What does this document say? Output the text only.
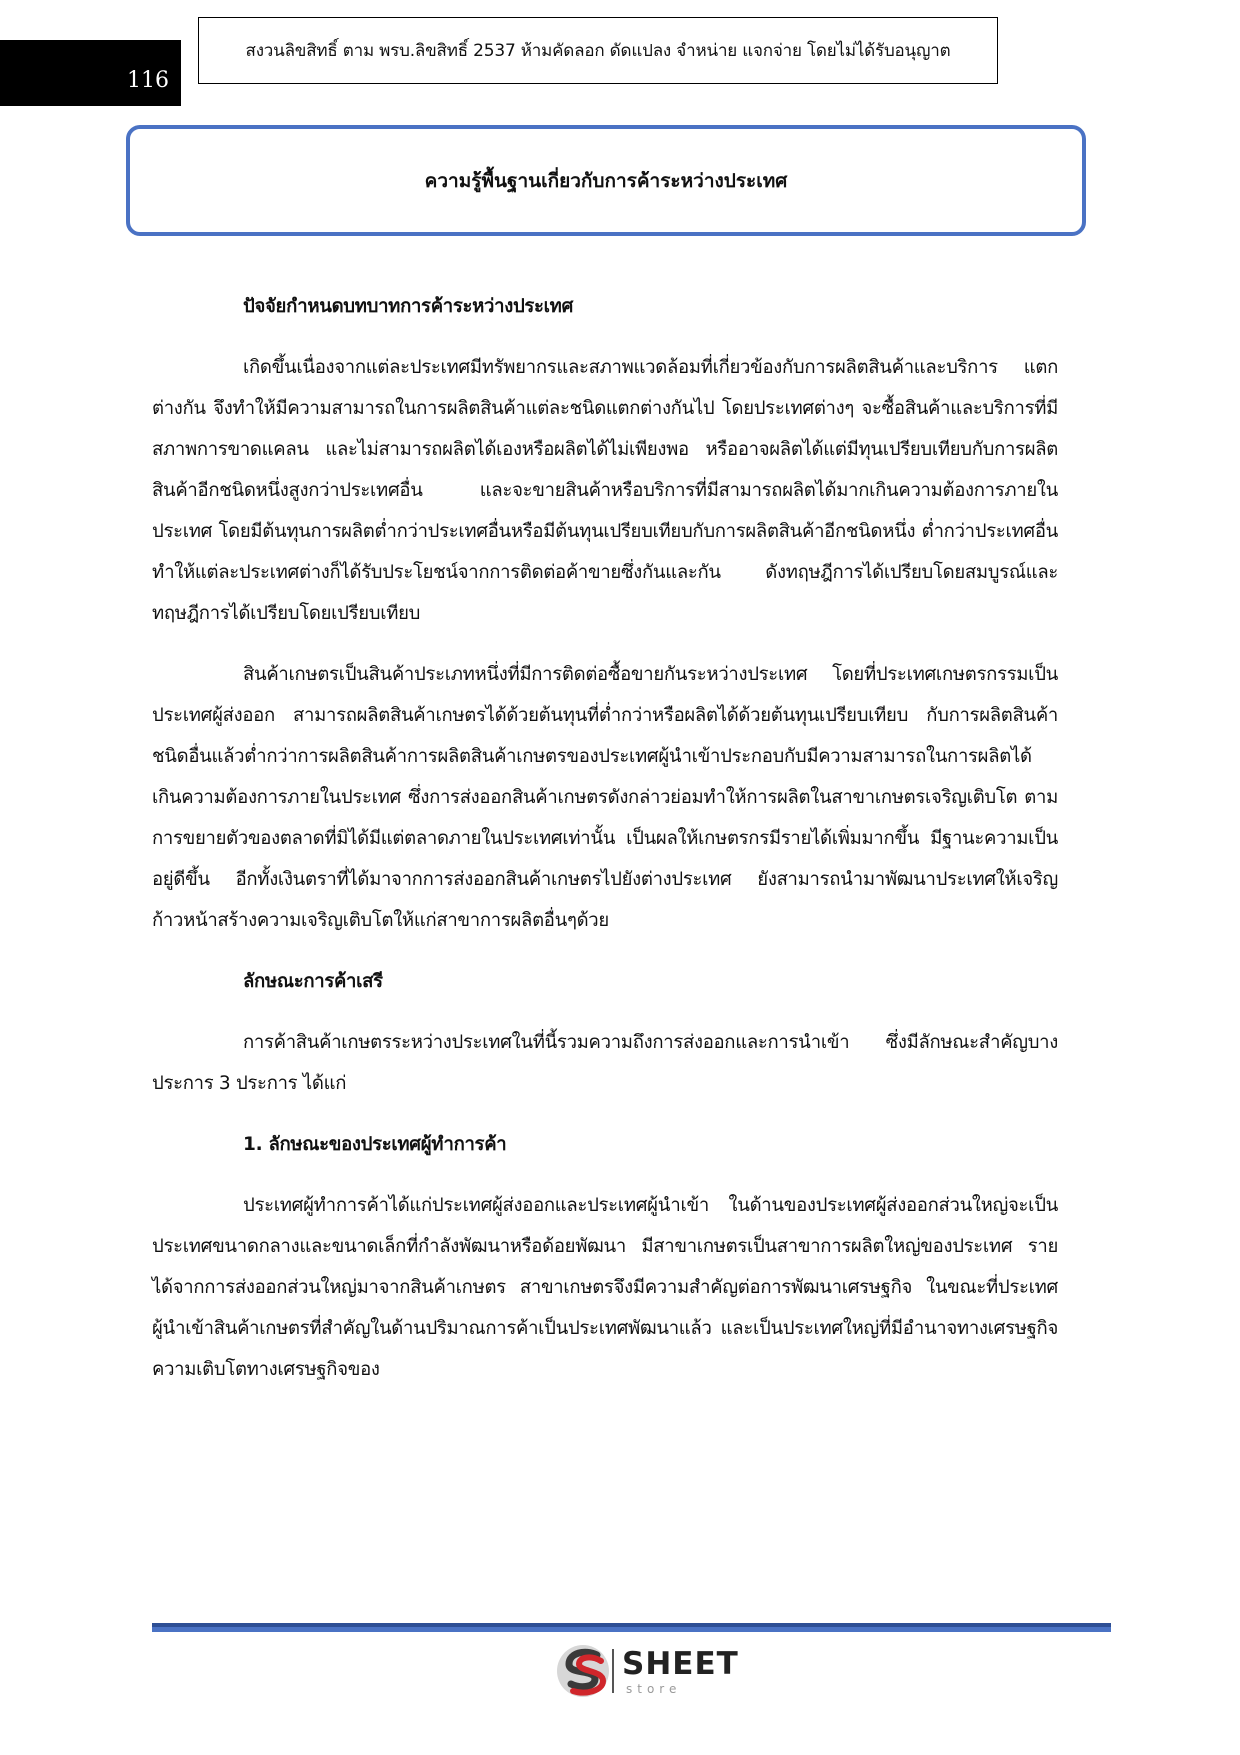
116
สงวนลิขสิทธิ์ ตาม พรบ.ลิขสิทธิ์ 2537 ห้ามคัดลอก ดัดแปลง จำหน่าย แจกจ่าย โดยไม่ได้รับอนุญาต
ความรู้พื้นฐานเกี่ยวกับการค้าระหว่างประเทศ
ปัจจัยกำหนดบทบาทการค้าระหว่างประเทศ

เกิดขึ้นเนื่องจากแต่ละประเทศมีทรัพยากรและสภาพแวดล้อมที่เกี่ยวข้องกับการผลิตสินค้าและบริการ แตกต่างกัน จึงทำให้มีความสามารถในการผลิตสินค้าแต่ละชนิดแตกต่างกันไป โดยประเทศต่างๆ จะซื้อสินค้าและบริการที่มีสภาพการขาดแคลน และไม่สามารถผลิตได้เองหรือผลิตได้ไม่เพียงพอ หรืออาจผลิตได้แต่มีทุนเปรียบเทียบกับการผลิตสินค้าอีกชนิดหนึ่งสูงกว่าประเทศอื่น และจะขายสินค้าหรือบริการที่มีสามารถผลิตได้มากเกินความต้องการภายในประเทศ โดยมีต้นทุนการผลิตต่ำกว่าประเทศอื่นหรือมีต้นทุนเปรียบเทียบกับการผลิตสินค้าอีกชนิดหนึ่ง ต่ำกว่าประเทศอื่น ทำให้แต่ละประเทศต่างก็ได้รับประโยชน์จากการติดต่อค้าขายซึ่งกันและกัน ดังทฤษฎีการได้เปรียบโดยสมบูรณ์และทฤษฎีการได้เปรียบโดยเปรียบเทียบ

สินค้าเกษตรเป็นสินค้าประเภทหนึ่งที่มีการติดต่อซื้อขายกันระหว่างประเทศ โดยที่ประเทศเกษตรกรรมเป็นประเทศผู้ส่งออก สามารถผลิตสินค้าเกษตรได้ด้วยต้นทุนที่ต่ำกว่าหรือผลิตได้ด้วยต้นทุนเปรียบเทียบ กับการผลิตสินค้าชนิดอื่นแล้วต่ำกว่าการผลิตสินค้าการผลิตสินค้าเกษตรของประเทศผู้นำเข้าประกอบกับมีความสามารถในการผลิตได้เกินความต้องการภายในประเทศ ซึ่งการส่งออกสินค้าเกษตรดังกล่าวย่อมทำให้การผลิตในสาขาเกษตรเจริญเติบโต ตามการขยายตัวของตลาดที่มิได้มีแต่ตลาดภายในประเทศเท่านั้น เป็นผลให้เกษตรกรมีรายได้เพิ่มมากขึ้น มีฐานะความเป็นอยู่ดีขึ้น อีกทั้งเงินตราที่ได้มาจากการส่งออกสินค้าเกษตรไปยังต่างประเทศ ยังสามารถนำมาพัฒนาประเทศให้เจริญก้าวหน้าสร้างความเจริญเติบโตให้แก่สาขาการผลิตอื่นๆด้วย

ลักษณะการค้าเสรี

การค้าสินค้าเกษตรระหว่างประเทศในที่นี้รวมความถึงการส่งออกและการนำเข้า ซึ่งมีลักษณะสำคัญบางประการ 3 ประการ ได้แก่

1. ลักษณะของประเทศผู้ทำการค้า

ประเทศผู้ทำการค้าได้แก่ประเทศผู้ส่งออกและประเทศผู้นำเข้า ในด้านของประเทศผู้ส่งออกส่วนใหญ่จะเป็นประเทศขนาดกลางและขนาดเล็กที่กำลังพัฒนาหรือด้อยพัฒนา มีสาขาเกษตรเป็นสาขาการผลิตใหญ่ของประเทศ รายได้จากการส่งออกส่วนใหญ่มาจากสินค้าเกษตร สาขาเกษตรจึงมีความสำคัญต่อการพัฒนาเศรษฐกิจ ในขณะที่ประเทศผู้นำเข้าสินค้าเกษตรที่สำคัญในด้านปริมาณการค้าเป็นประเทศพัฒนาแล้ว และเป็นประเทศใหญ่ที่มีอำนาจทางเศรษฐกิจ ความเติบโตทางเศรษฐกิจของ

SHEET
store
